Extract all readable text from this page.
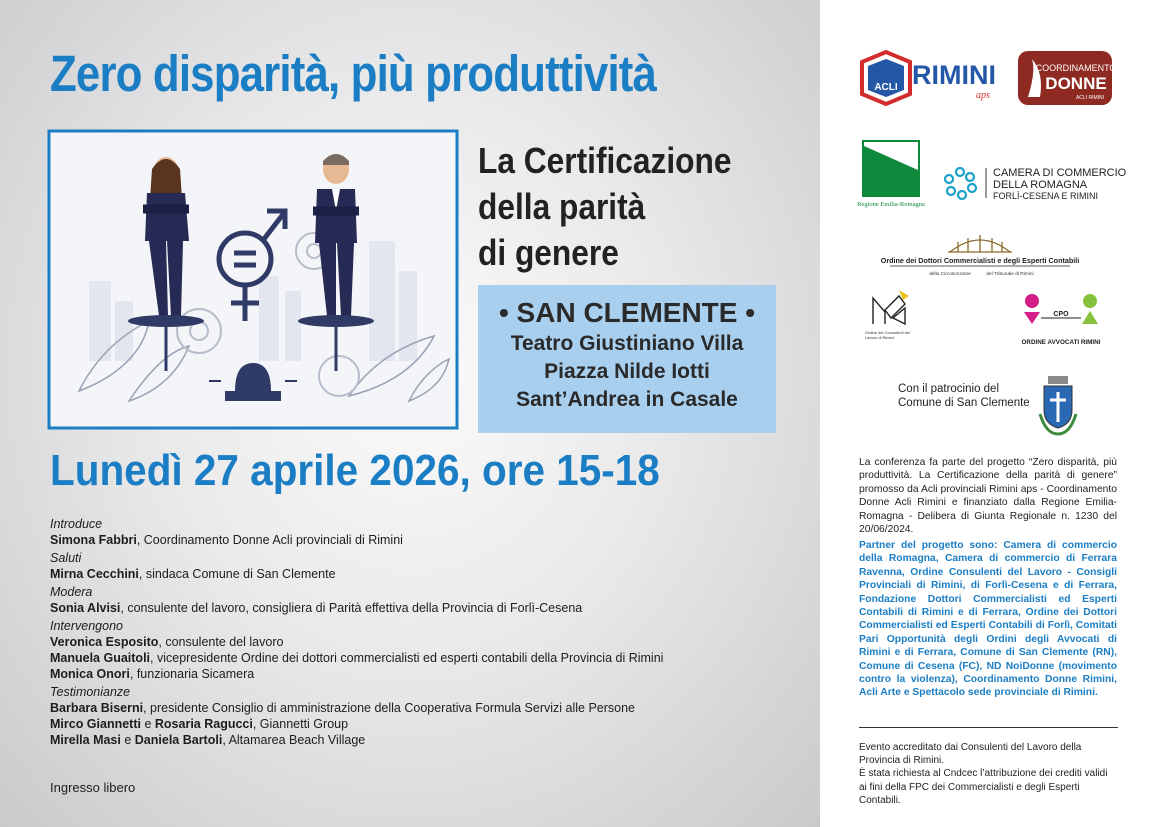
Zero disparità, più produttività
La Certificazione
della parità
di genere
• SAN CLEMENTE •
Teatro Giustiniano Villa
Piazza Nilde Iotti
Sant’Andrea in Casale
Lunedì 27 aprile 2026, ore 15-18
Introduce
Simona Fabbri, Coordinamento Donne Acli provinciali di Rimini
Saluti
Mirna Cecchini, sindaca Comune di San Clemente
Modera
Sonia Alvisi, consulente del lavoro, consigliera di Parità effettiva della Provincia di Forlì-Cesena
Intervengono
Veronica Esposito, consulente del lavoro
Manuela Guaitoli, vicepresidente Ordine dei dottori commercialisti ed esperti contabili della Provincia di Rimini
Monica Onori, funzionaria Sicamera
Testimonianze
Barbara Biserni, presidente Consiglio di amministrazione della Cooperativa Formula Servizi alle Persone
Mirco Giannetti e Rosaria Ragucci, Giannetti Group
Mirella Masi e Daniela Bartoli, Altamarea Beach Village
Ingresso libero
ACLI RIMINI
aps
COORDINAMENTO
DONNE
ACLI RIMINI
Regione Emilia-Romagna
CAMERA DI COMMERCIO
DELLA ROMAGNA
FORLÌ-CESENA E RIMINI
Ordine dei Dottori Commercialisti e degli Esperti Contabili
della Circoscrizione	del Tribunale di Rimini
Ordine dei Consulenti del Lavoro di Rimini
CPO
ORDINE AVVOCATI RIMINI
Con il patrocinio del
Comune di San Clemente
La conferenza fa parte del progetto “Zero disparità, più produttività. La Certificazione della parità di genere” promosso da Acli provinciali Rimini aps - Coordinamento Donne Acli Rimini e finanziato dalla Regione Emilia-Romagna - Delibera di Giunta Regionale n. 1230 del 20/06/2024.
Partner del progetto sono: Camera di commercio della Romagna, Camera di commercio di Ferrara Ravenna, Ordine Consulenti del Lavoro - Consigli Provinciali di Rimini, di Forlì-Cesena e di Ferrara, Fondazione Dottori Commercialisti ed Esperti Contabili di Rimini e di Ferrara, Ordine dei Dottori Commercialisti ed Esperti Contabili di Forlì, Comitati Pari Opportunità degli Ordini degli Avvocati di Rimini e di Ferrara, Comune di San Clemente (RN), Comune di Cesena (FC), ND NoiDonne (movimento contro la violenza), Coordinamento Donne Rimini, Acli Arte e Spettacolo sede provinciale di Rimini.
Evento accreditato dai Consulenti del Lavoro della Provincia di Rimini.
È stata richiesta al Cndcec l’attribuzione dei crediti validi ai fini della FPC dei Commercialisti e degli Esperti Contabili.
